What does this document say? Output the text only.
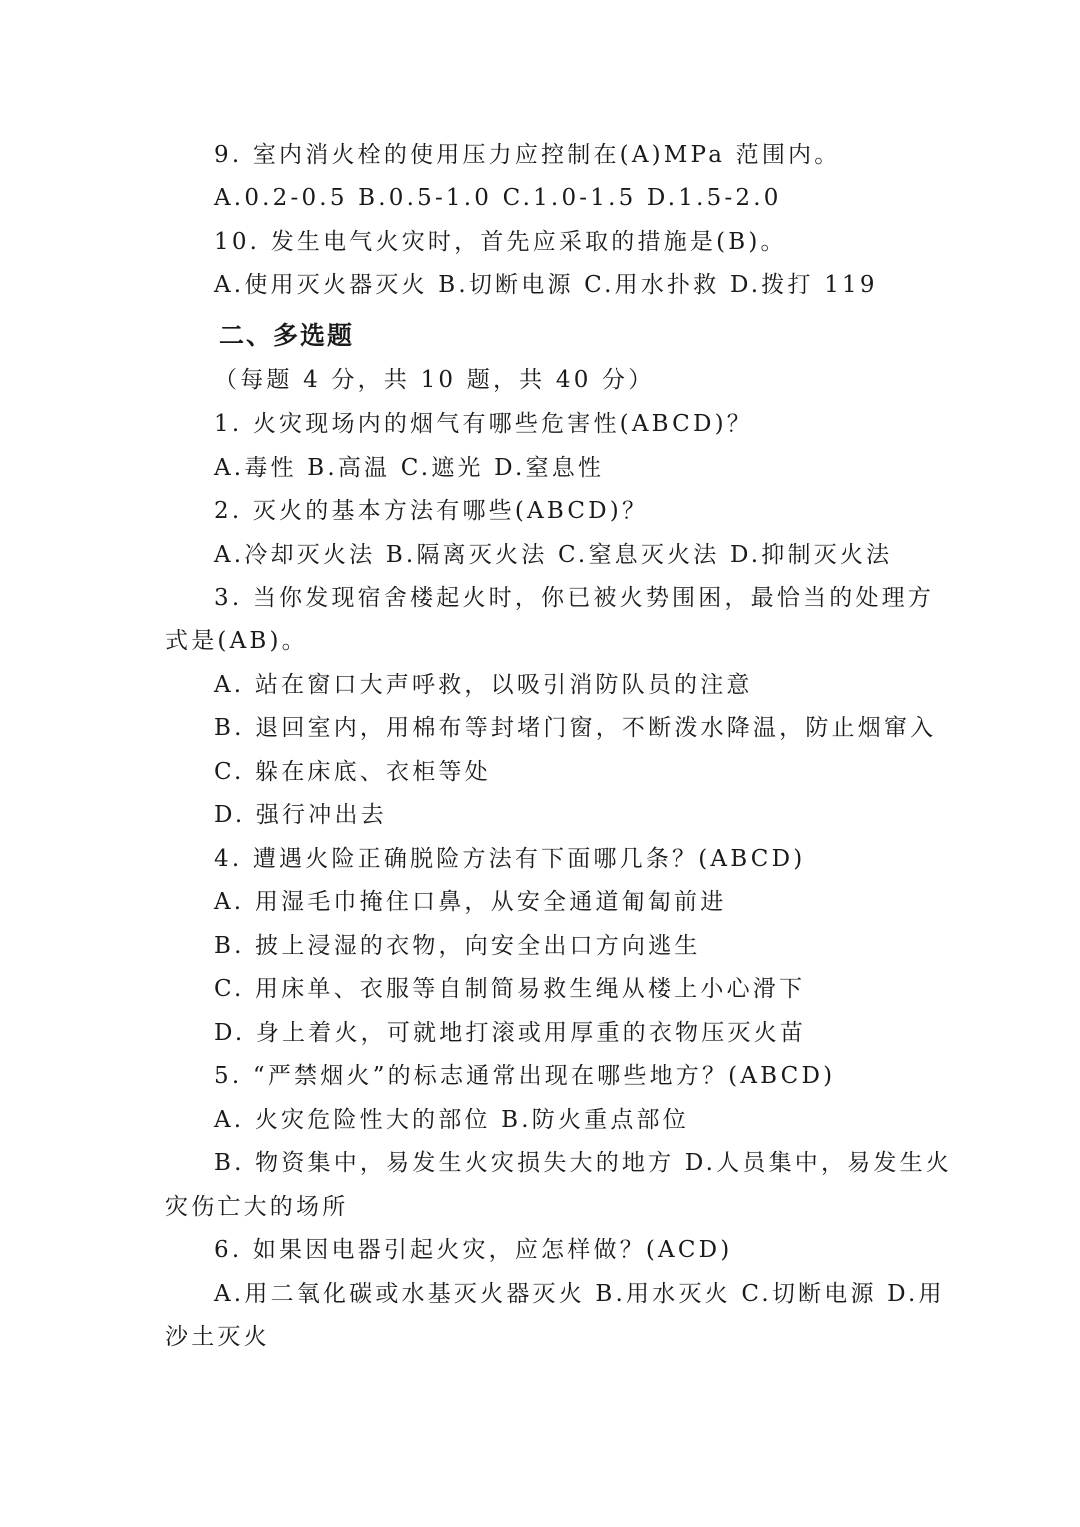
9. 室内消火栓的使用压力应控制在(A)MPa 范围内。
A.0.2-0.5 B.0.5-1.0 C.1.0-1.5 D.1.5-2.0
10. 发生电气火灾时，首先应采取的措施是(B)。
A.使用灭火器灭火 B.切断电源 C.用水扑救 D.拨打 119
二、多选题
（每题 4 分，共 10 题，共 40 分）
1. 火灾现场内的烟气有哪些危害性(ABCD)？
A.毒性 B.高温 C.遮光 D.窒息性
2. 灭火的基本方法有哪些(ABCD)？
A.冷却灭火法 B.隔离灭火法 C.窒息灭火法 D.抑制灭火法
3. 当你发现宿舍楼起火时，你已被火势围困，最恰当的处理方
式是(AB)。
A. 站在窗口大声呼救，以吸引消防队员的注意
B. 退回室内，用棉布等封堵门窗，不断泼水降温，防止烟窜入
C. 躲在床底、衣柜等处
D. 强行冲出去
4. 遭遇火险正确脱险方法有下面哪几条？(ABCD)
A. 用湿毛巾掩住口鼻，从安全通道匍匐前进
B. 披上浸湿的衣物，向安全出口方向逃生
C. 用床单、衣服等自制简易救生绳从楼上小心滑下
D. 身上着火，可就地打滚或用厚重的衣物压灭火苗
5. “严禁烟火”的标志通常出现在哪些地方？(ABCD)
A. 火灾危险性大的部位 B.防火重点部位
B. 物资集中，易发生火灾损失大的地方 D.人员集中，易发生火
灾伤亡大的场所
6. 如果因电器引起火灾，应怎样做？(ACD)
A.用二氧化碳或水基灭火器灭火 B.用水灭火 C.切断电源 D.用
沙土灭火
